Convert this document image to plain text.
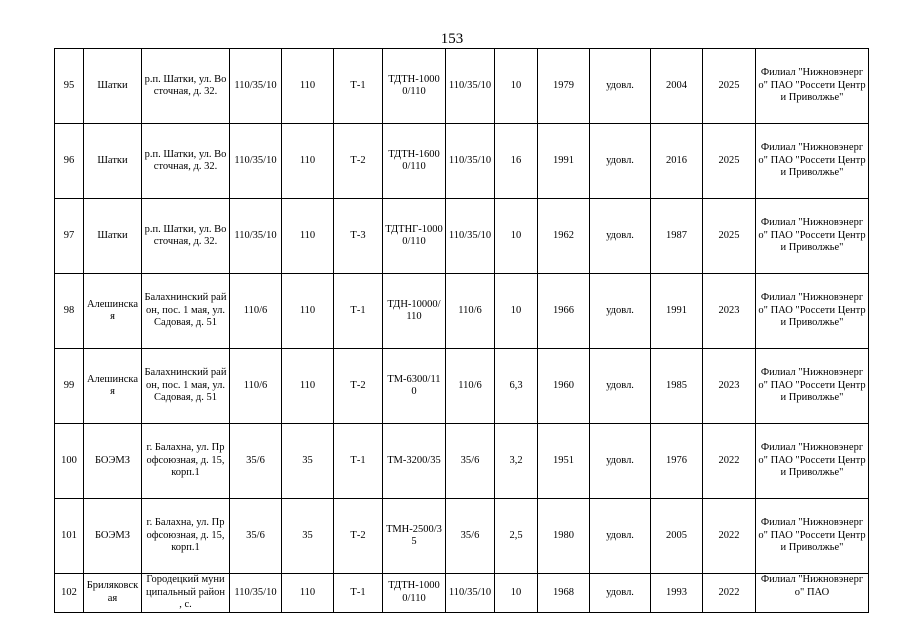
153
95	Шатки	р.п. Шатки, ул. Восточная, д. 32.	110/35/10	110	Т-1	ТДТН-10000/110	110/35/10	10	1979	удовл.	2004	2025	Филиал "Нижновэнерго" ПАО "Россети Центр и Приволжье"
96	Шатки	р.п. Шатки, ул. Восточная, д. 32.	110/35/10	110	Т-2	ТДТН-16000/110	110/35/10	16	1991	удовл.	2016	2025	Филиал "Нижновэнерго" ПАО "Россети Центр и Приволжье"
97	Шатки	р.п. Шатки, ул. Восточная, д. 32.	110/35/10	110	Т-3	ТДТНГ-10000/110	110/35/10	10	1962	удовл.	1987	2025	Филиал "Нижновэнерго" ПАО "Россети Центр и Приволжье"
98	Алешинская	Балахнинский район, пос. 1 мая, ул. Садовая, д. 51	110/6	110	Т-1	ТДН-10000/110	110/6	10	1966	удовл.	1991	2023	Филиал "Нижновэнерго" ПАО "Россети Центр и Приволжье"
99	Алешинская	Балахнинский район, пос. 1 мая, ул. Садовая, д. 51	110/6	110	Т-2	ТМ-6300/110	110/6	6,3	1960	удовл.	1985	2023	Филиал "Нижновэнерго" ПАО "Россети Центр и Приволжье"
100	БОЭМЗ	г. Балахна, ул. Профсоюзная, д. 15, корп.1	35/6	35	Т-1	ТМ-3200/35	35/6	3,2	1951	удовл.	1976	2022	Филиал "Нижновэнерго" ПАО "Россети Центр и Приволжье"
101	БОЭМЗ	г. Балахна, ул. Профсоюзная, д. 15, корп.1	35/6	35	Т-2	ТМН-2500/35	35/6	2,5	1980	удовл.	2005	2022	Филиал "Нижновэнерго" ПАО "Россети Центр и Приволжье"
102	Бриляковская	Городецкий муниципальный район , с.	110/35/10	110	Т-1	ТДТН-10000/110	110/35/10	10	1968	удовл.	1993	2022	Филиал "Нижновэнерго" ПАО
